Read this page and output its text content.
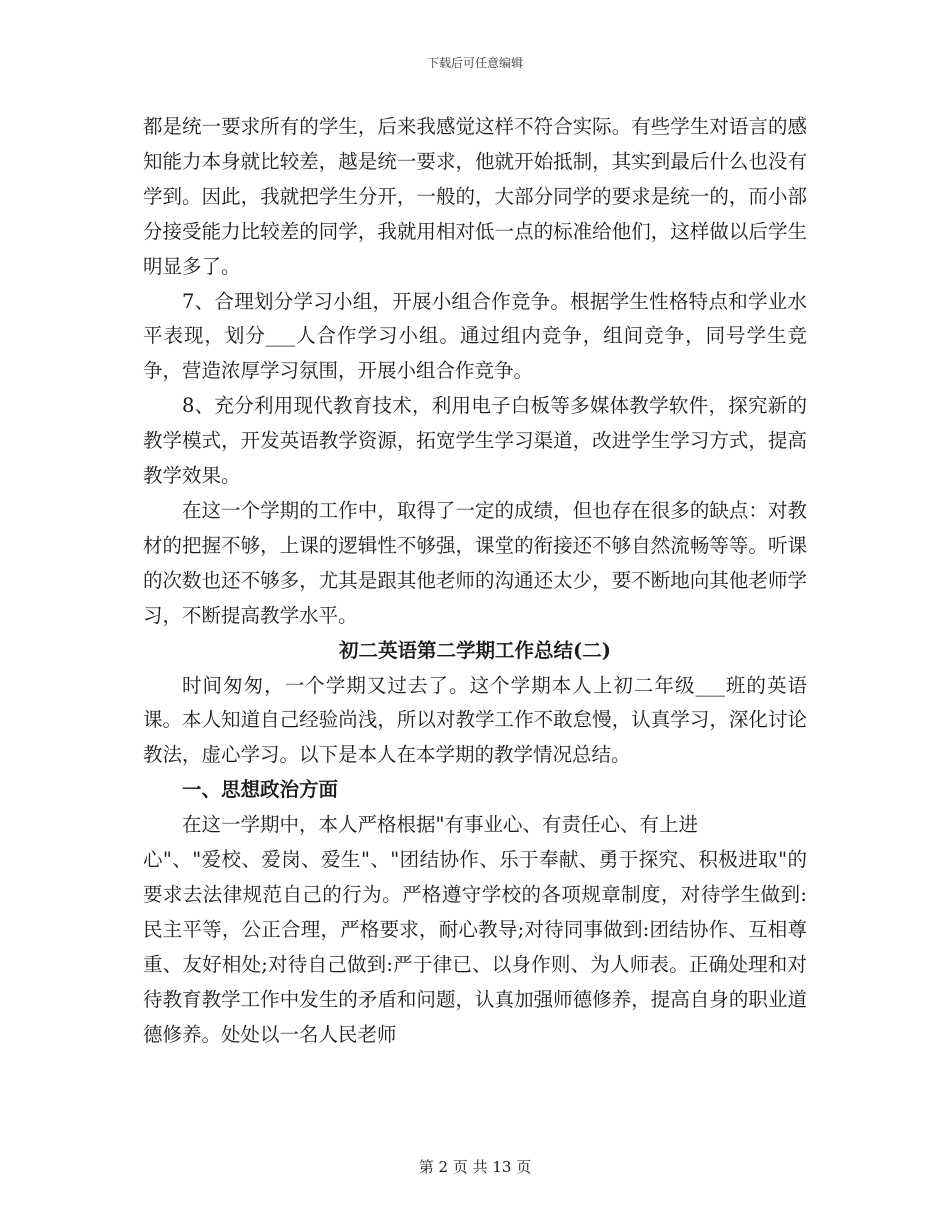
下载后可任意编辑

都是统一要求所有的学生，后来我感觉这样不符合实际。有些学生对语言的感知能力本身就比较差，越是统一要求，他就开始抵制，其实到最后什么也没有学到。因此，我就把学生分开，一般的，大部分同学的要求是统一的，而小部分接受能力比较差的同学，我就用相对低一点的标准给他们，这样做以后学生明显多了。

7、合理划分学习小组，开展小组合作竞争。根据学生性格特点和学业水平表现，划分___人合作学习小组。通过组内竞争，组间竞争，同号学生竞争，营造浓厚学习氛围，开展小组合作竞争。

8、充分利用现代教育技术，利用电子白板等多媒体教学软件，探究新的教学模式，开发英语教学资源，拓宽学生学习渠道，改进学生学习方式，提高教学效果。

在这一个学期的工作中，取得了一定的成绩，但也存在很多的缺点：对教材的把握不够，上课的逻辑性不够强，课堂的衔接还不够自然流畅等等。听课的次数也还不够多，尤其是跟其他老师的沟通还太少，要不断地向其他老师学习，不断提高教学水平。

初二英语第二学期工作总结(二)

时间匆匆，一个学期又过去了。这个学期本人上初二年级___班的英语课。本人知道自己经验尚浅，所以对教学工作不敢怠慢，认真学习，深化讨论教法，虚心学习。以下是本人在本学期的教学情况总结。

一、思想政治方面

在这一学期中，本人严格根据"有事业心、有责任心、有上进

心"、"爱校、爱岗、爱生"、"团结协作、乐于奉献、勇于探究、积极进取"的要求去法律规范自己的行为。严格遵守学校的各项规章制度，对待学生做到:民主平等，公正合理，严格要求，耐心教导;对待同事做到:团结协作、互相尊重、友好相处;对待自己做到:严于律已、以身作则、为人师表。正确处理和对待教育教学工作中发生的矛盾和问题，认真加强师德修养，提高自身的职业道德修养。处处以一名人民老师

第 2 页 共 13 页
